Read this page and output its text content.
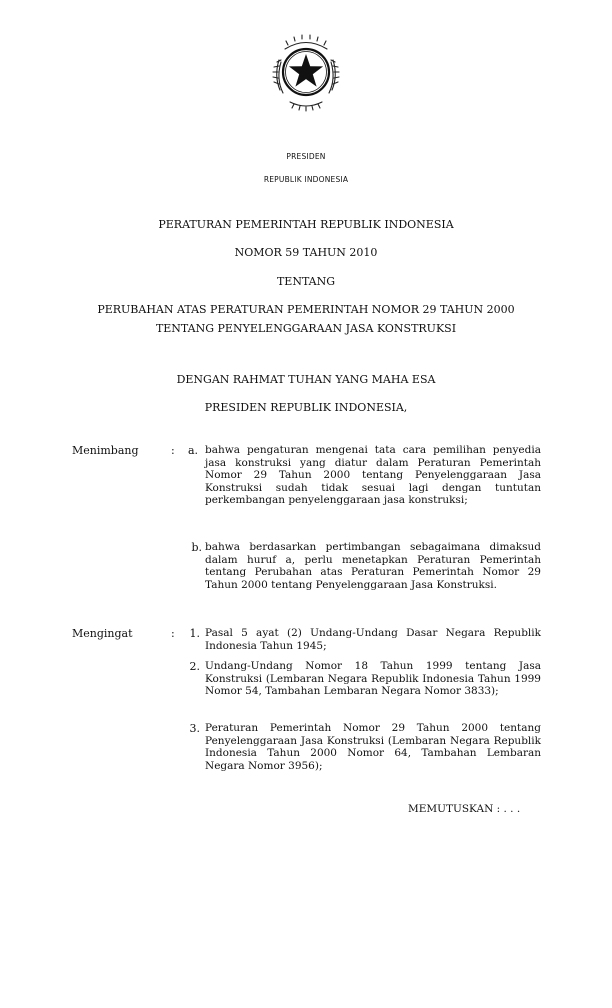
PRESIDEN
REPUBLIK INDONESIA
PERATURAN PEMERINTAH REPUBLIK INDONESIA
NOMOR 59 TAHUN 2010
TENTANG
PERUBAHAN ATAS PERATURAN PEMERINTAH NOMOR 29 TAHUN 2000
TENTANG PENYELENGGARAAN JASA KONSTRUKSI
DENGAN RAHMAT TUHAN YANG MAHA ESA
PRESIDEN REPUBLIK INDONESIA,
Menimbang	:	a. bahwa pengaturan mengenai tata cara pemilihan penyedia jasa konstruksi yang diatur dalam Peraturan Pemerintah Nomor 29 Tahun 2000 tentang Penyelenggaraan Jasa Konstruksi sudah tidak sesuai lagi dengan tuntutan perkembangan penyelenggaraan jasa konstruksi;
b. bahwa berdasarkan pertimbangan sebagaimana dimaksud dalam huruf a, perlu menetapkan Peraturan Pemerintah tentang Perubahan atas Peraturan Pemerintah Nomor 29 Tahun 2000 tentang Penyelenggaraan Jasa Konstruksi.
Mengingat	:	1. Pasal 5 ayat (2) Undang-Undang Dasar Negara Republik Indonesia Tahun 1945;
2. Undang-Undang Nomor 18 Tahun 1999 tentang Jasa Konstruksi (Lembaran Negara Republik Indonesia Tahun 1999 Nomor 54, Tambahan Lembaran Negara Nomor 3833);
3. Peraturan Pemerintah Nomor 29 Tahun 2000 tentang Penyelenggaraan Jasa Konstruksi (Lembaran Negara Republik Indonesia Tahun 2000 Nomor 64, Tambahan Lembaran Negara Nomor 3956);
MEMUTUSKAN : . . .
